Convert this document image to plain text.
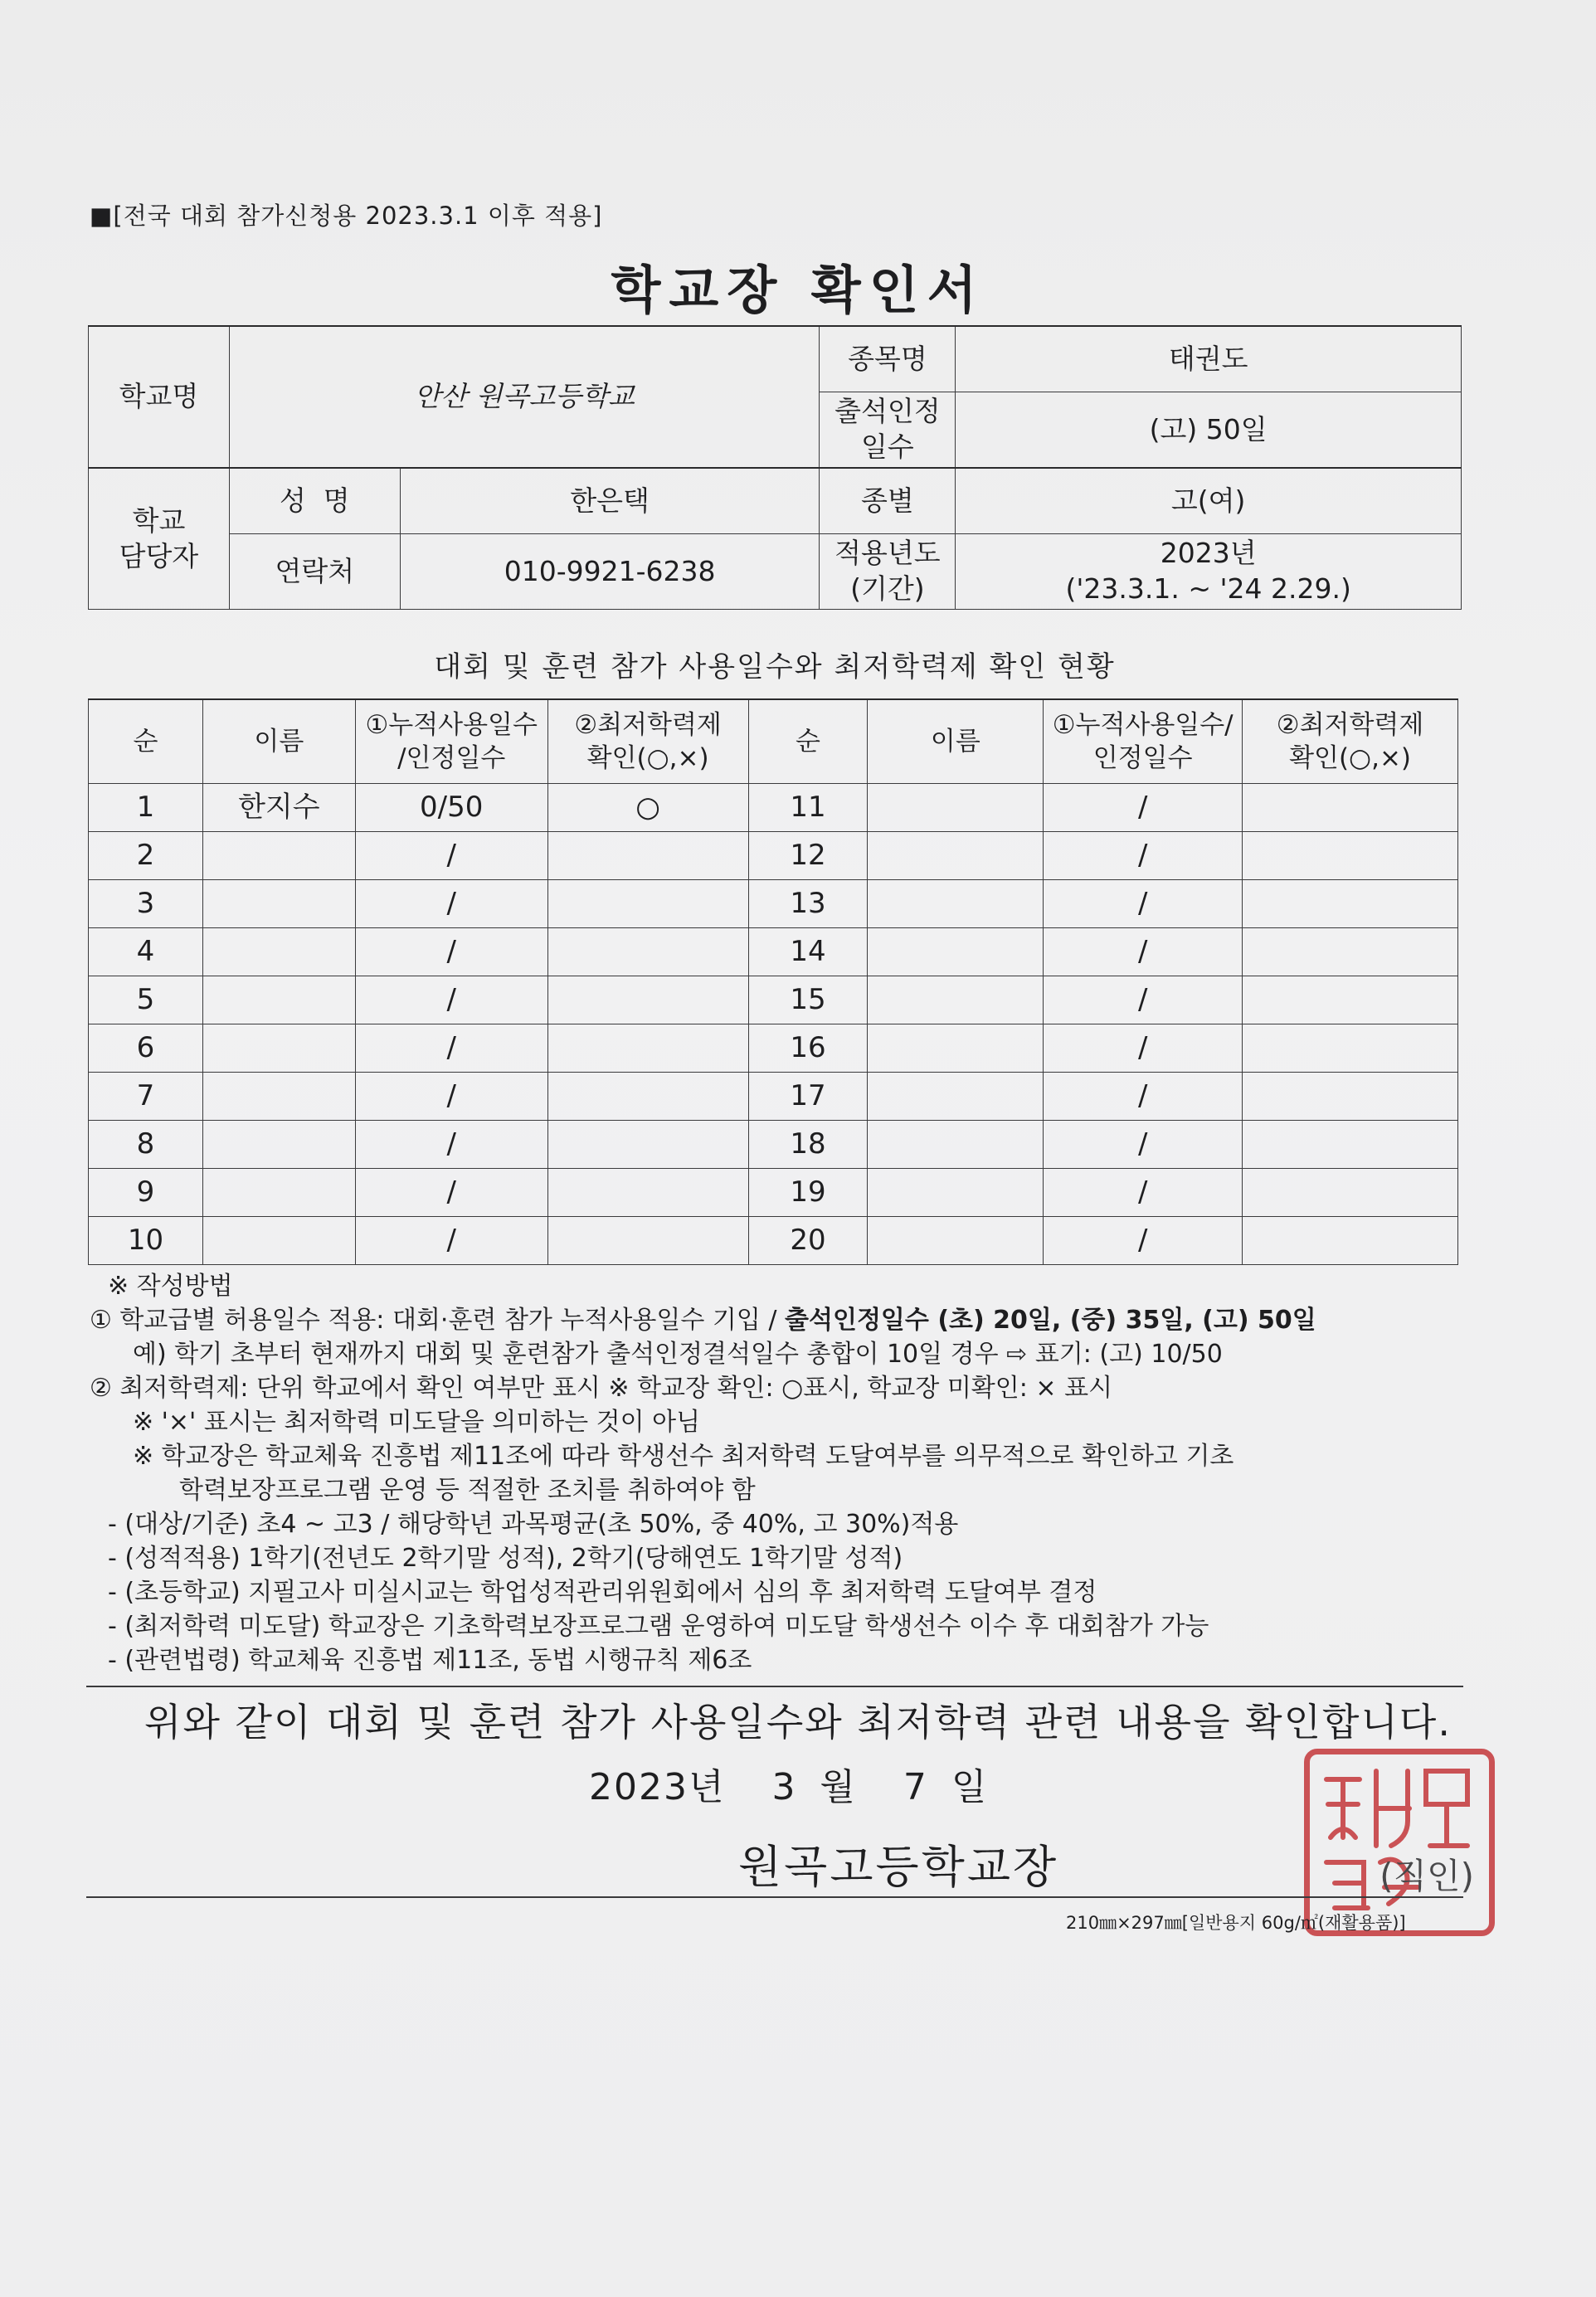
■[전국 대회 참가신청용 2023.3.1 이후 적용]
학교장 확인서
학교명	안산 원곡고등학교		종목명	태권도
			출석인정
일수	(고) 50일
학교
담당자	성  명	한은택	종별	고(여)
	연락처	010-9921-6238	적용년도
(기간)	2023년
('23.3.1. ~ '24 2.29.)
대회 및 훈련 참가 사용일수와 최저학력제 확인 현황
순	이름	①누적사용일수
/인정일수	②최저학력제
확인(○,×)	순	이름	①누적사용일수/
인정일수	②최저학력제
확인(○,×)
1	한지수	0/50	○	11		/	
2		/		12		/	
3		/		13		/	
4		/		14		/	
5		/		15		/	
6		/		16		/	
7		/		17		/	
8		/		18		/	
9		/		19		/	
10		/		20		/	
※ 작성방법
① 학교급별 허용일수 적용: 대회·훈련 참가 누적사용일수 기입 / 출석인정일수 (초) 20일, (중) 35일, (고) 50일
예) 학기 초부터 현재까지 대회 및 훈련참가 출석인정결석일수 총합이 10일 경우 ⇨ 표기: (고) 10/50
② 최저학력제: 단위 학교에서 확인 여부만 표시 ※ 학교장 확인: ○표시, 학교장 미확인: × 표시
※ '×' 표시는 최저학력 미도달을 의미하는 것이 아님
※ 학교장은 학교체육 진흥법 제11조에 따라 학생선수 최저학력 도달여부를 의무적으로 확인하고 기초
학력보장프로그램 운영 등 적절한 조치를 취하여야 함
- (대상/기준) 초4 ~ 고3 / 해당학년 과목평균(초 50%, 중 40%, 고 30%)적용
- (성적적용) 1학기(전년도 2학기말 성적), 2학기(당해연도 1학기말 성적)
- (초등학교) 지필고사 미실시교는 학업성적관리위원회에서 심의 후 최저학력 도달여부 결정
- (최저학력 미도달) 학교장은 기초학력보장프로그램 운영하여 미도달 학생선수 이수 후 대회참가 가능
- (관련법령) 학교체육 진흥법 제11조, 동법 시행규칙 제6조
위와 같이 대회 및 훈련 참가 사용일수와 최저학력 관련 내용을 확인합니다.
2023년  3 월  7 일
원곡고등학교장	(직인)
210㎜×297㎜[일반용지 60g/㎡(재활용품)]
